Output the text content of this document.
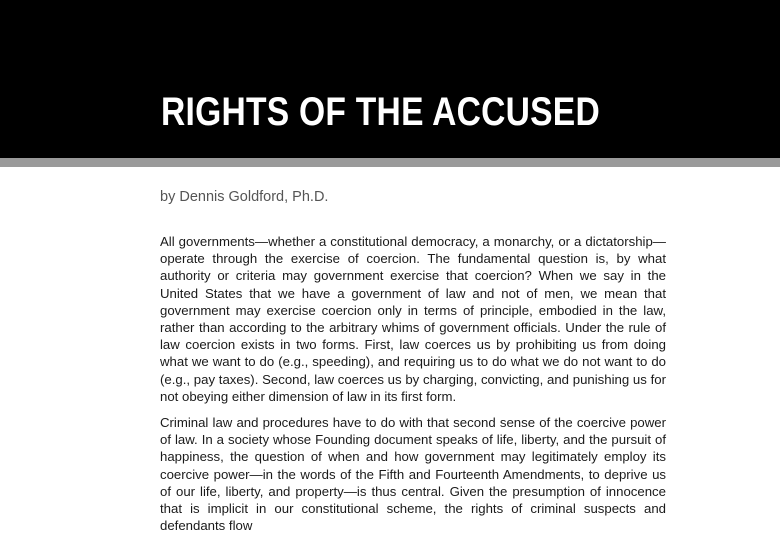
RIGHTS OF THE ACCUSED
by Dennis Goldford, Ph.D.

All governments—whether a constitutional democracy, a monarchy, or a dictatorship—operate through the exercise of coercion. The fundamental question is, by what authority or criteria may government exercise that coercion? When we say in the United States that we have a government of law and not of men, we mean that government may exercise coercion only in terms of principle, embodied in the law, rather than according to the arbitrary whims of government officials. Under the rule of law coercion exists in two forms. First, law coerces us by prohibiting us from doing what we want to do (e.g., speeding), and requiring us to do what we do not want to do (e.g., pay taxes). Second, law coerces us by charging, convicting, and punishing us for not obeying either dimension of law in its first form.

Criminal law and procedures have to do with that second sense of the coercive power of law. In a society whose Founding document speaks of life, liberty, and the pursuit of happiness, the question of when and how government may legitimately employ its coercive power—in the words of the Fifth and Fourteenth Amendments, to deprive us of our life, liberty, and property—is thus central. Given the presumption of innocence that is implicit in our constitutional scheme, the rights of criminal suspects and defendants flow
